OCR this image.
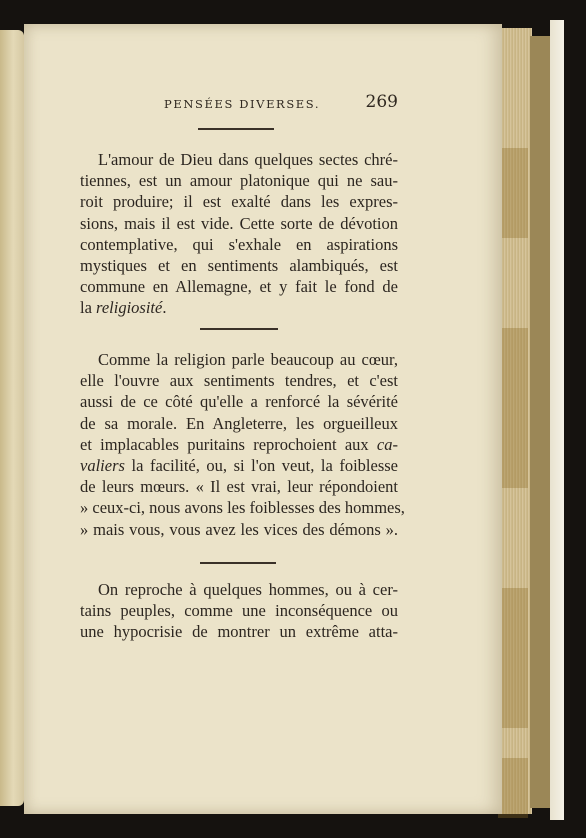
PENSÉES DIVERSES.	269

L'amour de Dieu dans quelques sectes chré-
tiennes, est un amour platonique qui ne sau-
roit produire; il est exalté dans les expres-
sions, mais il est vide. Cette sorte de dévotion
contemplative, qui s'exhale en aspirations
mystiques et en sentiments alambiqués, est
commune en Allemagne, et y fait le fond de
la religiosité.

Comme la religion parle beaucoup au cœur,
elle l'ouvre aux sentiments tendres, et c'est
aussi de ce côté qu'elle a renforcé la sévérité
de sa morale. En Angleterre, les orgueilleux
et implacables puritains reprochoient aux ca-
valiers la facilité, ou, si l'on veut, la foiblesse
de leurs mœurs. « Il est vrai, leur répondoient
» ceux-ci, nous avons les foiblesses des hommes,
» mais vous, vous avez les vices des démons ».

On reproche à quelques hommes, ou à cer-
tains peuples, comme une inconséquence ou
une hypocrisie de montrer un extrême atta-
